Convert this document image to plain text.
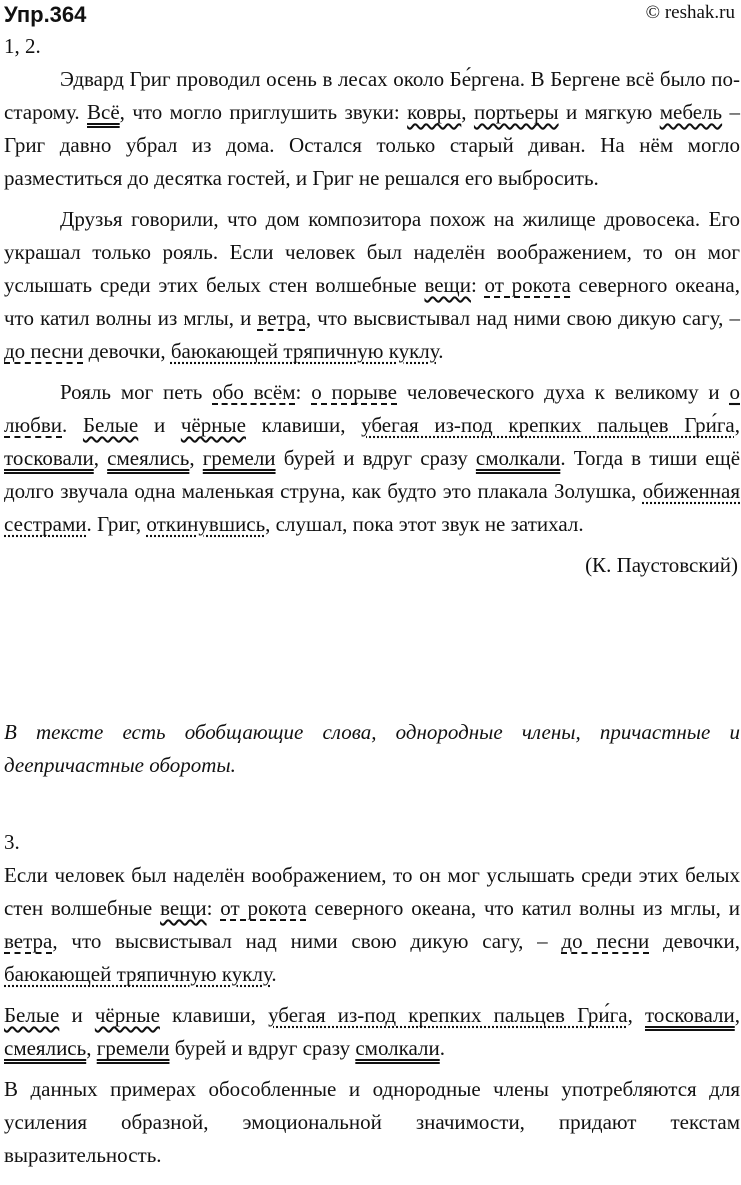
Упр.364	© reshak.ru
1, 2.

Эдвард Григ проводил осень в лесах около Бе́ргена. В Бергене всё было по-старому. Всё, что могло приглушить звуки: ковры, портьеры и мягкую мебель – Григ давно убрал из дома. Остался только старый диван. На нём могло разместиться до десятка гостей, и Григ не решался его выбросить.

Друзья говорили, что дом композитора похож на жилище дровосека. Его украшал только рояль. Если человек был наделён воображением, то он мог услышать среди этих белых стен волшебные вещи: от рокота северного океана, что катил волны из мглы, и ветра, что высвистывал над ними свою дикую сагу, – до песни девочки, баюкающей тряпичную куклу.

Рояль мог петь обо всём: о порыве человеческого духа к великому и о любви. Белые и чёрные клавиши, убегая из-под крепких пальцев Гри́га, тосковали, смеялись, гремели бурей и вдруг сразу смолкали. Тогда в тиши ещё долго звучала одна маленькая струна, как будто это плакала Золушка, обиженная сестрами. Григ, откинувшись, слушал, пока этот звук не затихал.

(К. Паустовский)

В тексте есть обобщающие слова, однородные члены, причастные и деепричастные обороты.

3.

Если человек был наделён воображением, то он мог услышать среди этих белых стен волшебные вещи: от рокота северного океана, что катил волны из мглы, и ветра, что высвистывал над ними свою дикую сагу, – до песни девочки, баюкающей тряпичную куклу.

Белые и чёрные клавиши, убегая из-под крепких пальцев Гри́га, тосковали, смеялись, гремели бурей и вдруг сразу смолкали.

В данных примерах обособленные и однородные члены употребляются для усиления образной, эмоциональной значимости, придают текстам выразительность.
